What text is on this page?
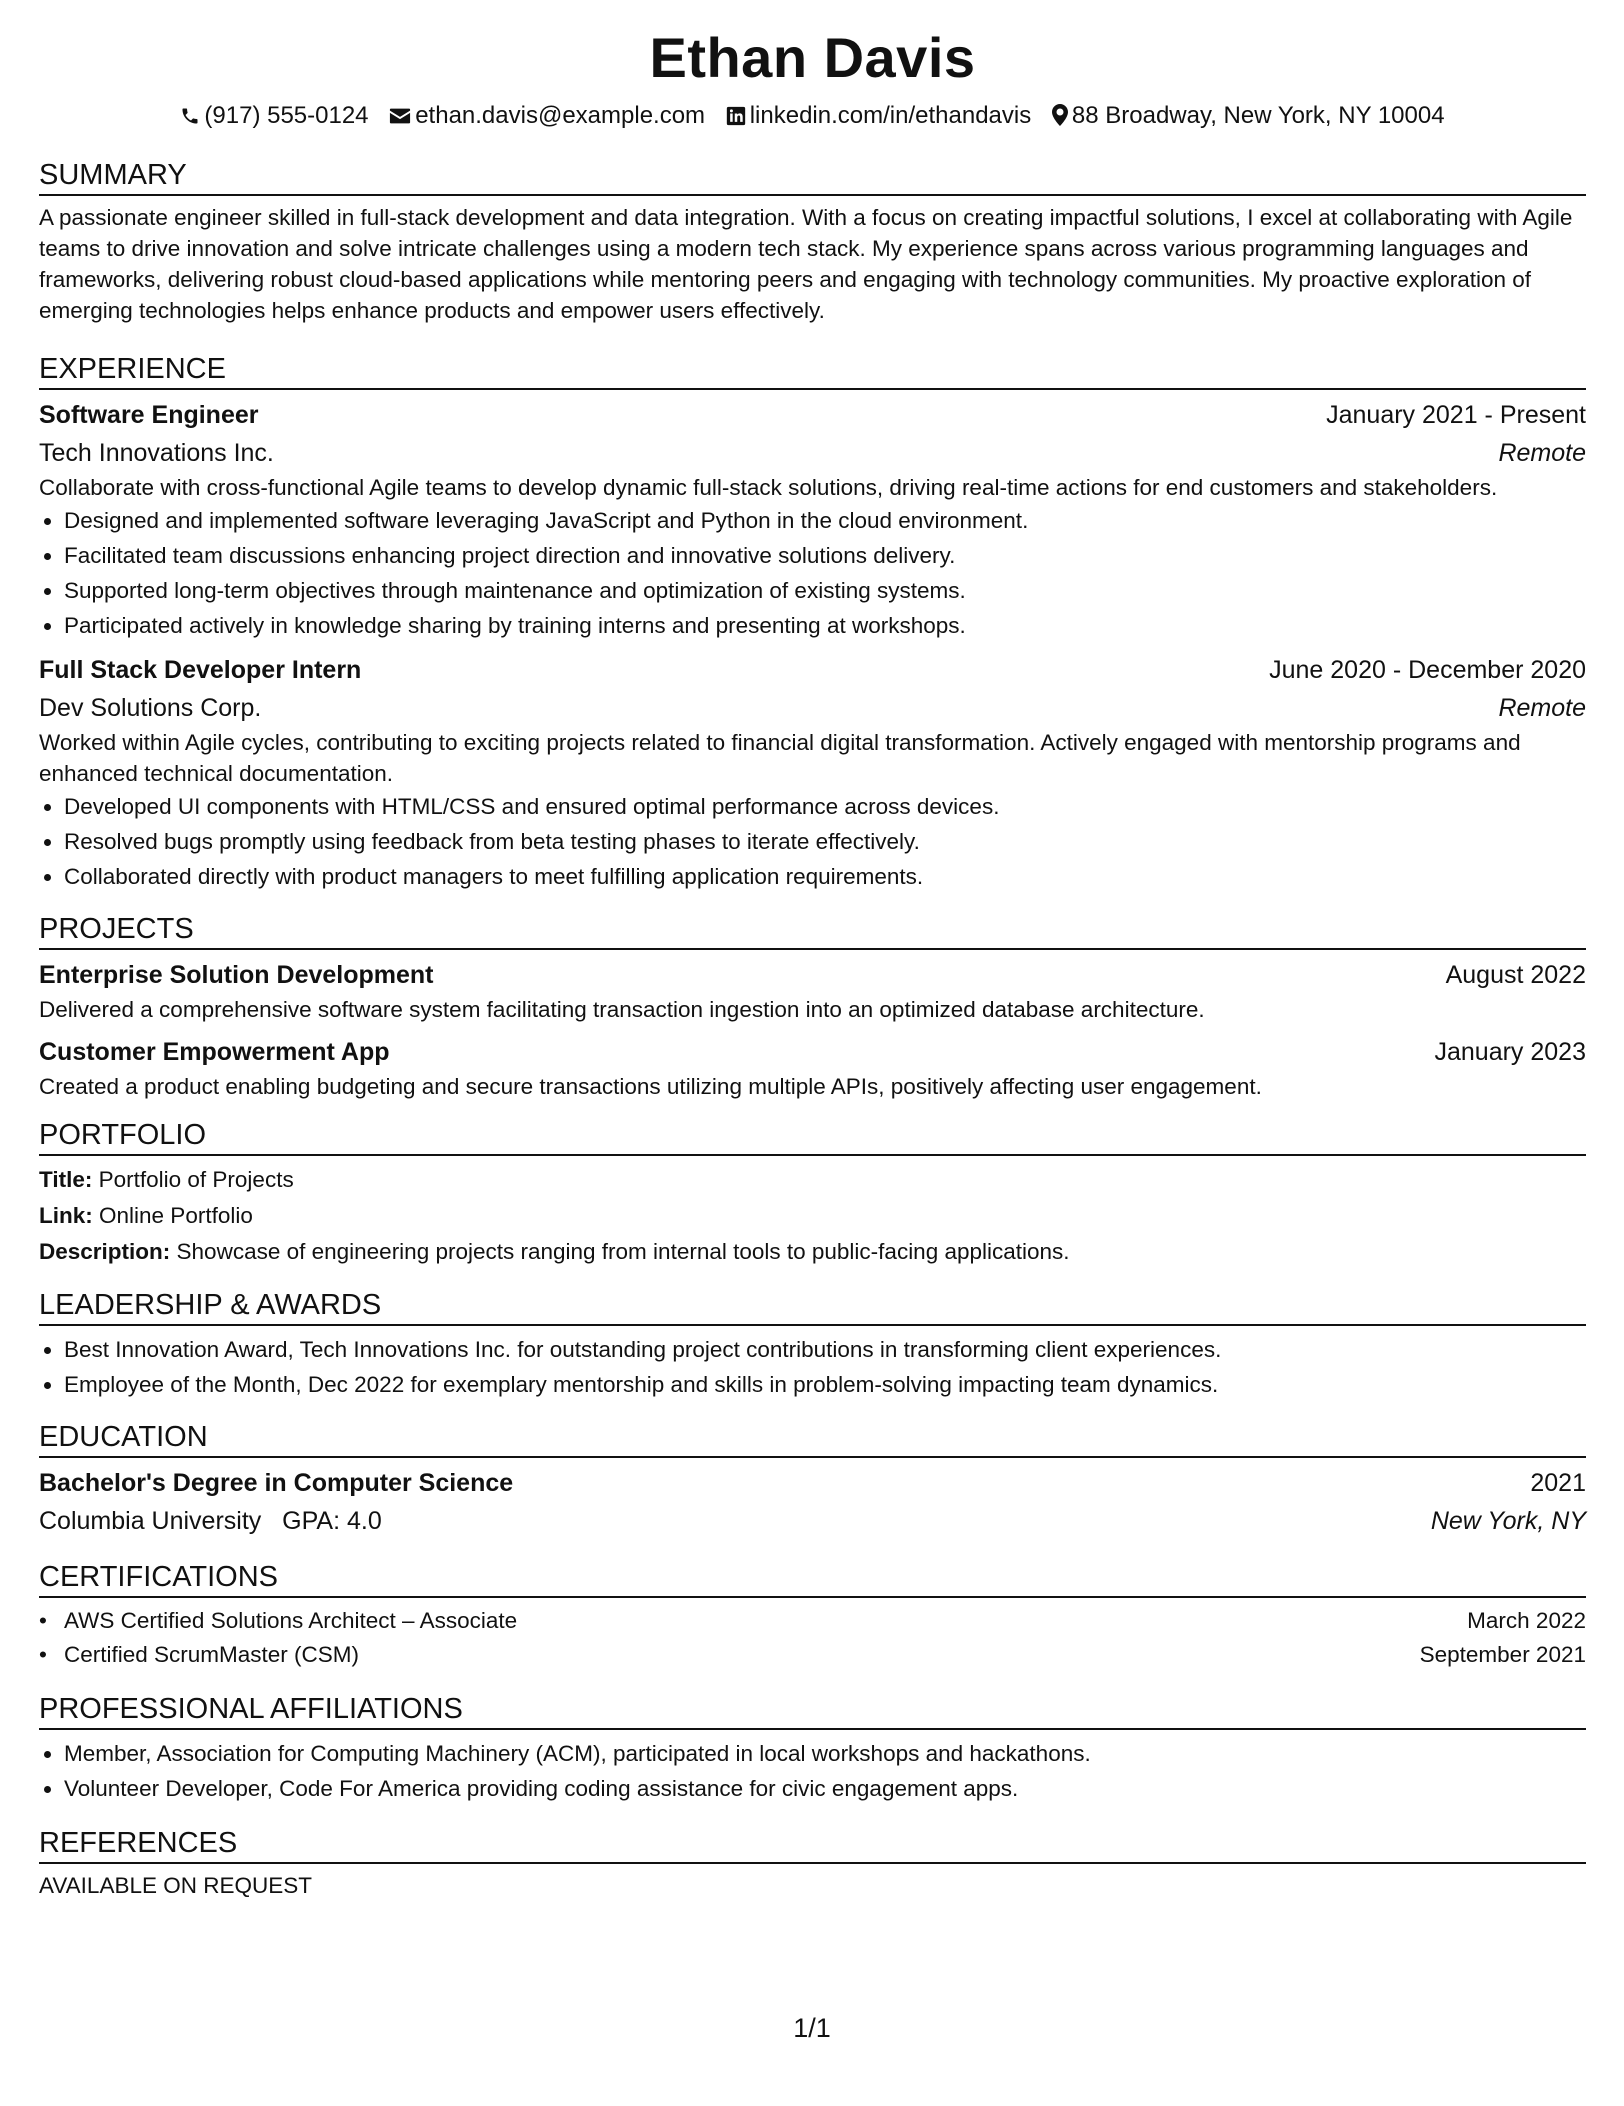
Ethan Davis
(917) 555-0124 ethan.davis@example.com linkedin.com/in/ethandavis 88 Broadway, New York, NY 10004
SUMMARY

A passionate engineer skilled in full-stack development and data integration. With a focus on creating impactful solutions, I excel at collaborating with Agile teams to drive innovation and solve intricate challenges using a modern tech stack. My experience spans across various programming languages and frameworks, delivering robust cloud-based applications while mentoring peers and engaging with technology communities. My proactive exploration of emerging technologies helps enhance products and empower users effectively.

EXPERIENCE
Software Engineer	January 2021 - Present
Tech Innovations Inc.	Remote

Collaborate with cross-functional Agile teams to develop dynamic full-stack solutions, driving real-time actions for end customers and stakeholders.

• Designed and implemented software leveraging JavaScript and Python in the cloud environment.
• Facilitated team discussions enhancing project direction and innovative solutions delivery.
• Supported long-term objectives through maintenance and optimization of existing systems.
• Participated actively in knowledge sharing by training interns and presenting at workshops.
Full Stack Developer Intern	June 2020 - December 2020
Dev Solutions Corp.	Remote

Worked within Agile cycles, contributing to exciting projects related to financial digital transformation. Actively engaged with mentorship programs and enhanced technical documentation.

• Developed UI components with HTML/CSS and ensured optimal performance across devices.
• Resolved bugs promptly using feedback from beta testing phases to iterate effectively.
• Collaborated directly with product managers to meet fulfilling application requirements.
PROJECTS
Enterprise Solution Development	August 2022

Delivered a comprehensive software system facilitating transaction ingestion into an optimized database architecture.

Customer Empowerment App	January 2023

Created a product enabling budgeting and secure transactions utilizing multiple APIs, positively affecting user engagement.

PORTFOLIO
Title: Portfolio of Projects
Link: Online Portfolio
Description: Showcase of engineering projects ranging from internal tools to public-facing applications.
LEADERSHIP & AWARDS
• Best Innovation Award, Tech Innovations Inc. for outstanding project contributions in transforming client experiences.
• Employee of the Month, Dec 2022 for exemplary mentorship and skills in problem-solving impacting team dynamics.
EDUCATION
Bachelor's Degree in Computer Science	2021
Columbia University GPA: 4.0	New York, NY
CERTIFICATIONS
• AWS Certified Solutions Architect – Associate	March 2022
• Certified ScrumMaster (CSM)	September 2021
PROFESSIONAL AFFILIATIONS
• Member, Association for Computing Machinery (ACM), participated in local workshops and hackathons.
• Volunteer Developer, Code For America providing coding assistance for civic engagement apps.
REFERENCES

AVAILABLE ON REQUEST

1/1
